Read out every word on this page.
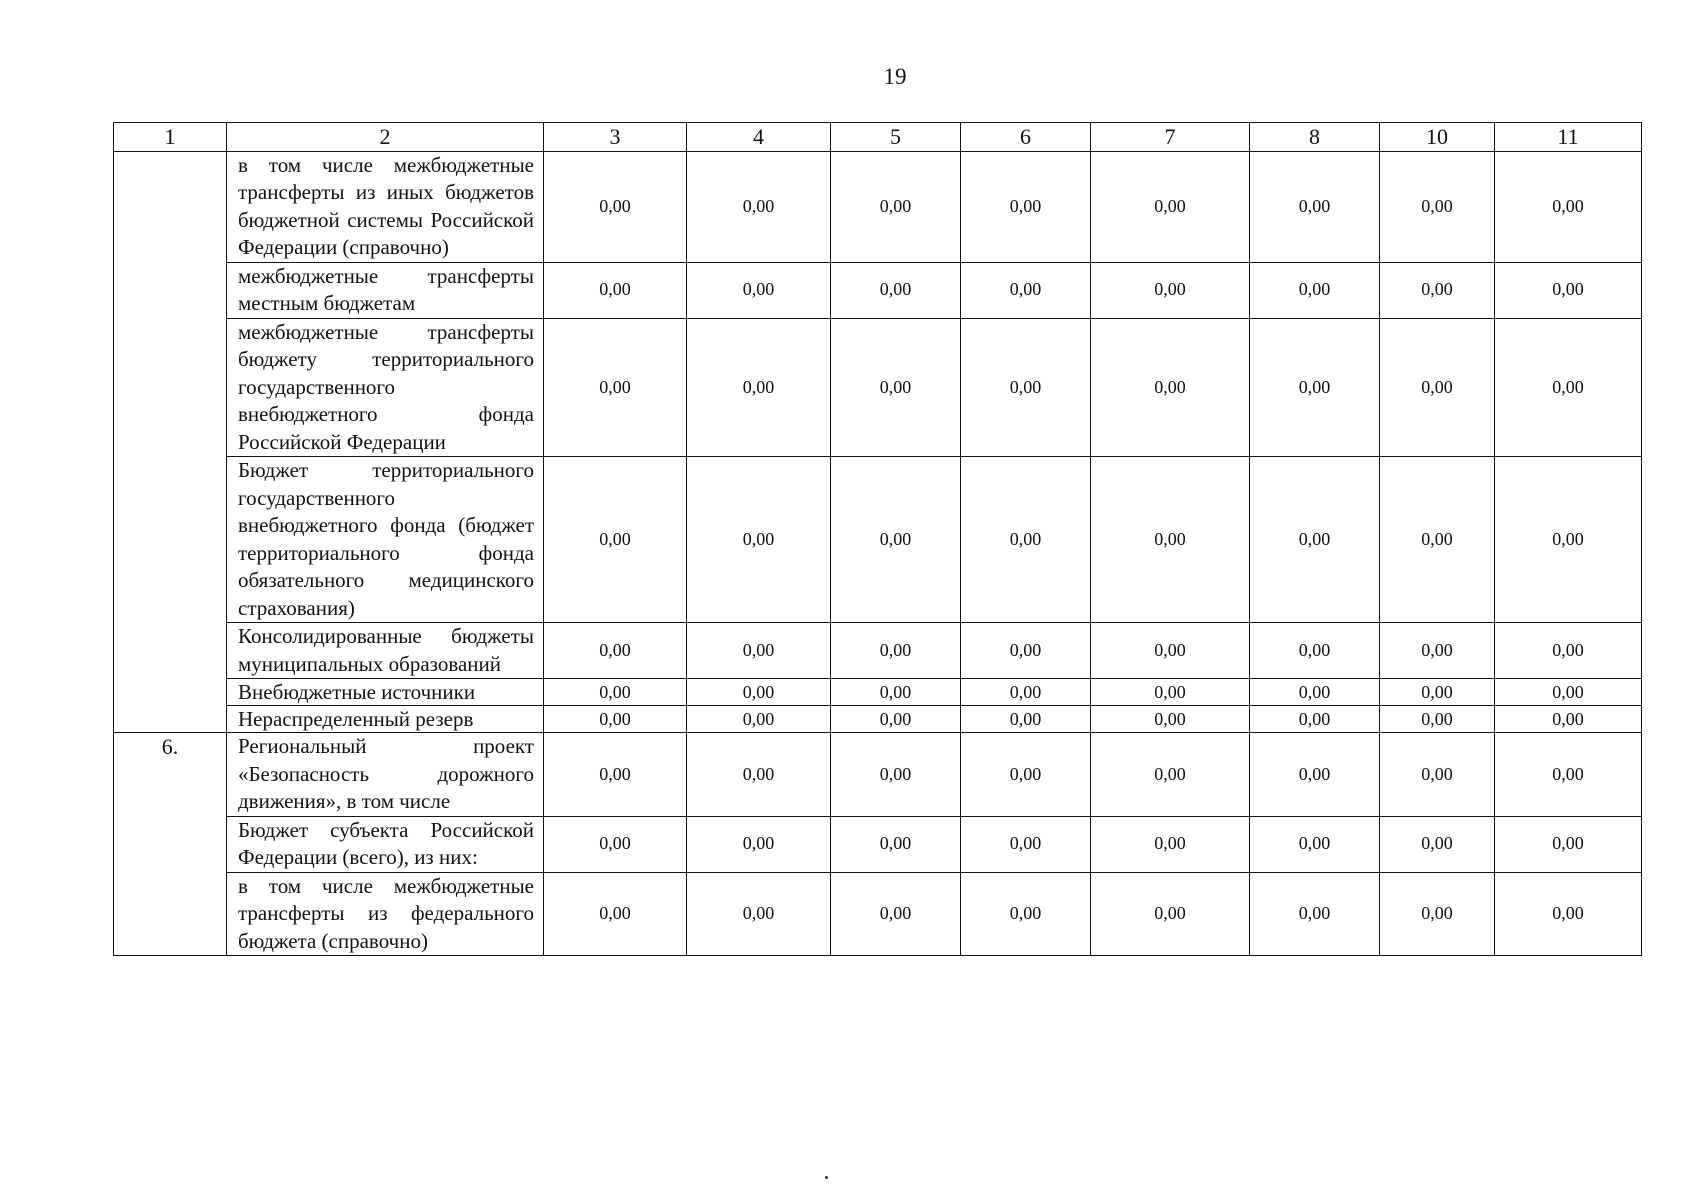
19
1	2	3	4	5	6	7	8	10	11
	в том числе межбюджетные трансферты из иных бюджетов бюджетной системы Российской Федерации (справочно)	0,00	0,00	0,00	0,00	0,00	0,00	0,00	0,00
	межбюджетные трансферты местным бюджетам	0,00	0,00	0,00	0,00	0,00	0,00	0,00	0,00
	межбюджетные трансферты бюджету территориального государственного внебюджетного фонда Российской Федерации	0,00	0,00	0,00	0,00	0,00	0,00	0,00	0,00
	Бюджет территориального государственного внебюджетного фонда (бюджет территориального фонда обязательного медицинского страхования)	0,00	0,00	0,00	0,00	0,00	0,00	0,00	0,00
	Консолидированные бюджеты муниципальных образований	0,00	0,00	0,00	0,00	0,00	0,00	0,00	0,00
	Внебюджетные источники	0,00	0,00	0,00	0,00	0,00	0,00	0,00	0,00
	Нераспределенный резерв	0,00	0,00	0,00	0,00	0,00	0,00	0,00	0,00
6.	Региональный проект «Безопасность дорожного движения», в том числе	0,00	0,00	0,00	0,00	0,00	0,00	0,00	0,00
	Бюджет субъекта Российской Федерации (всего), из них:	0,00	0,00	0,00	0,00	0,00	0,00	0,00	0,00
	в том числе межбюджетные трансферты из федерального бюджета (справочно)	0,00	0,00	0,00	0,00	0,00	0,00	0,00	0,00
